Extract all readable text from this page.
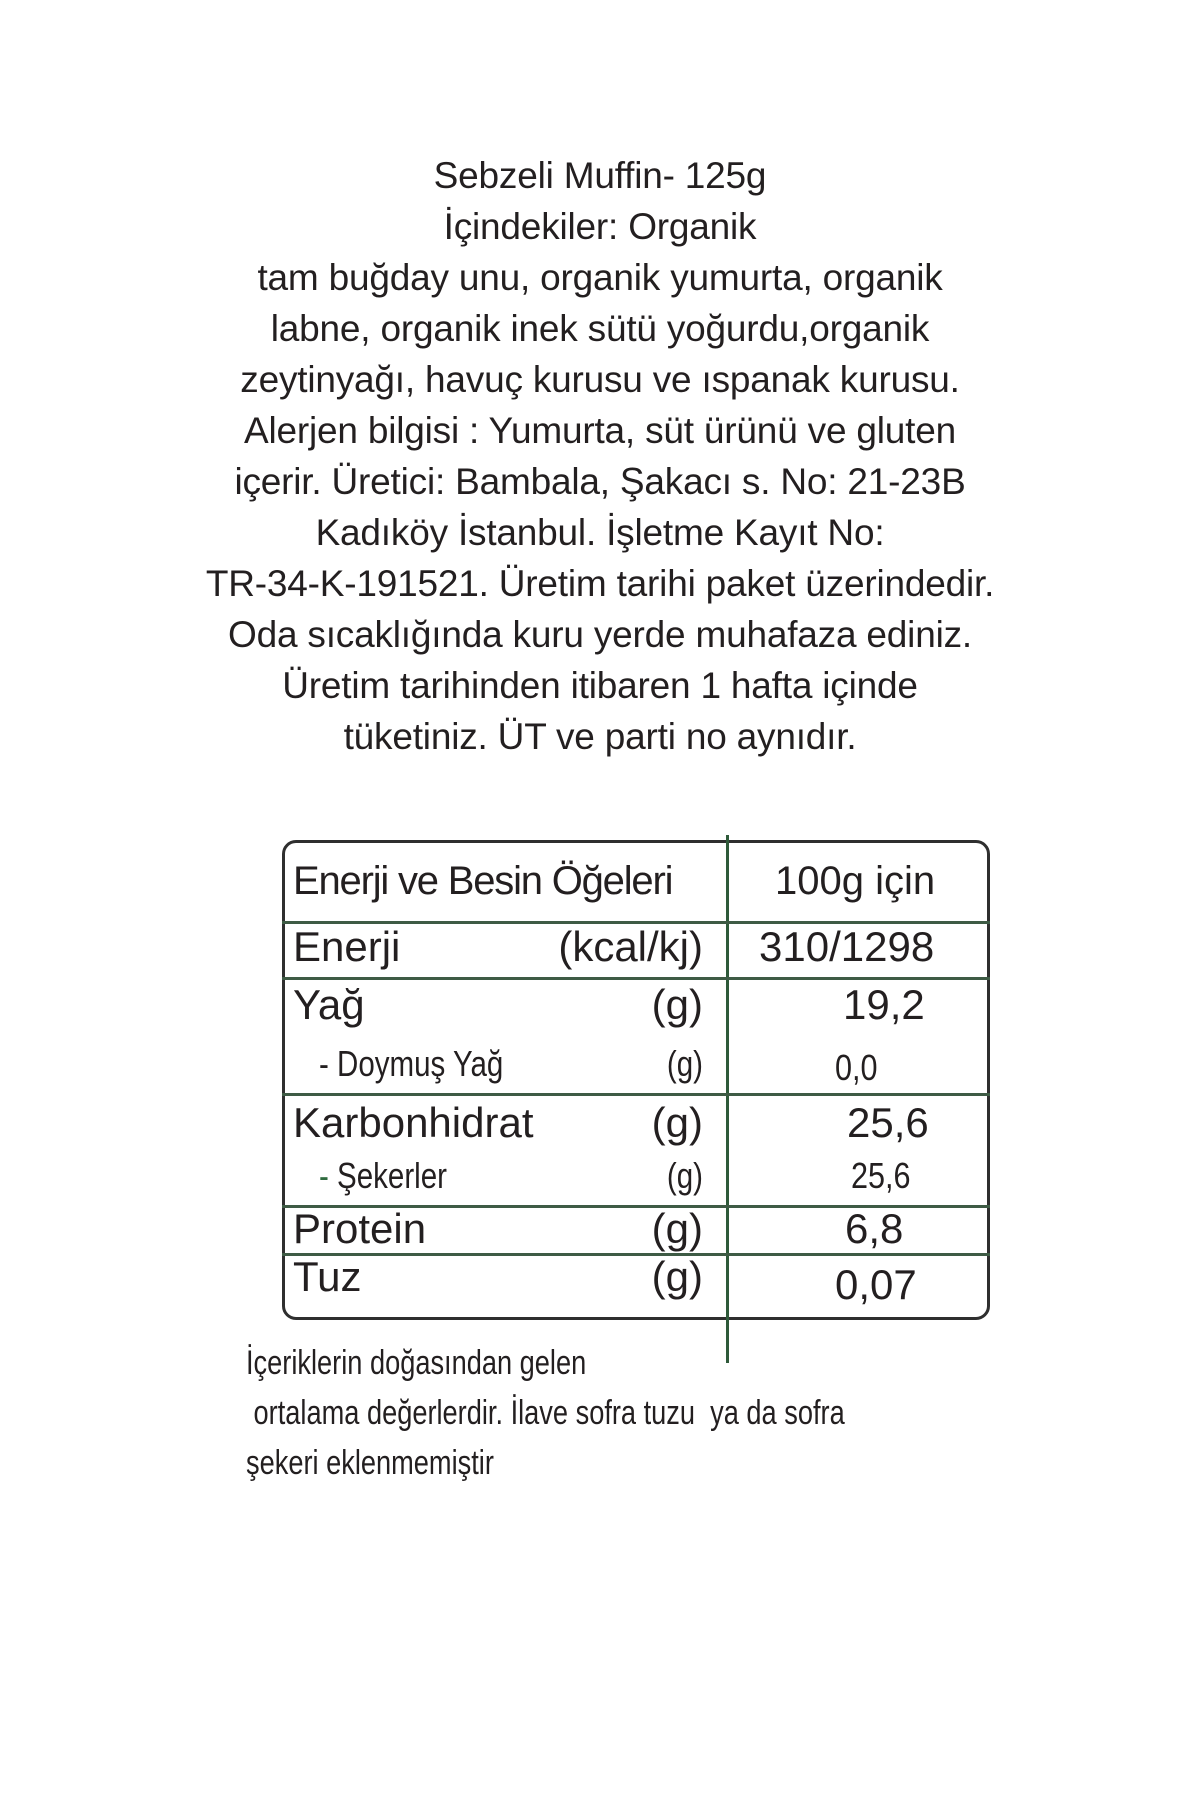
Sebzeli Muffin- 125g
İçindekiler: Organik
tam buğday unu, organik yumurta, organik
labne, organik inek sütü yoğurdu,organik
zeytinyağı, havuç kurusu ve ıspanak kurusu.
Alerjen bilgisi : Yumurta, süt ürünü ve gluten
içerir. Üretici: Bambala, Şakacı s. No: 21-23B
Kadıköy İstanbul. İşletme Kayıt No:
TR-34-K-191521. Üretim tarihi paket üzerindedir.
Oda sıcaklığında kuru yerde muhafaza ediniz.
Üretim tarihinden itibaren 1 hafta içinde
tüketiniz. ÜT ve parti no aynıdır.
Enerji ve Besin Öğeleri	100g için
Enerji	(kcal/kj) 310/1298
Yağ	(g)	19,2
- Doymuş Yağ	(g)	0,0
Karbonhidrat	(g)	25,6
- Şekerler	(g)	25,6
Protein	(g)	6,8
Tuz	(g)	0,07
İçeriklerin doğasından gelen
ortalama değerlerdir. İlave sofra tuzu  ya da sofra
şekeri eklenmemiştir
